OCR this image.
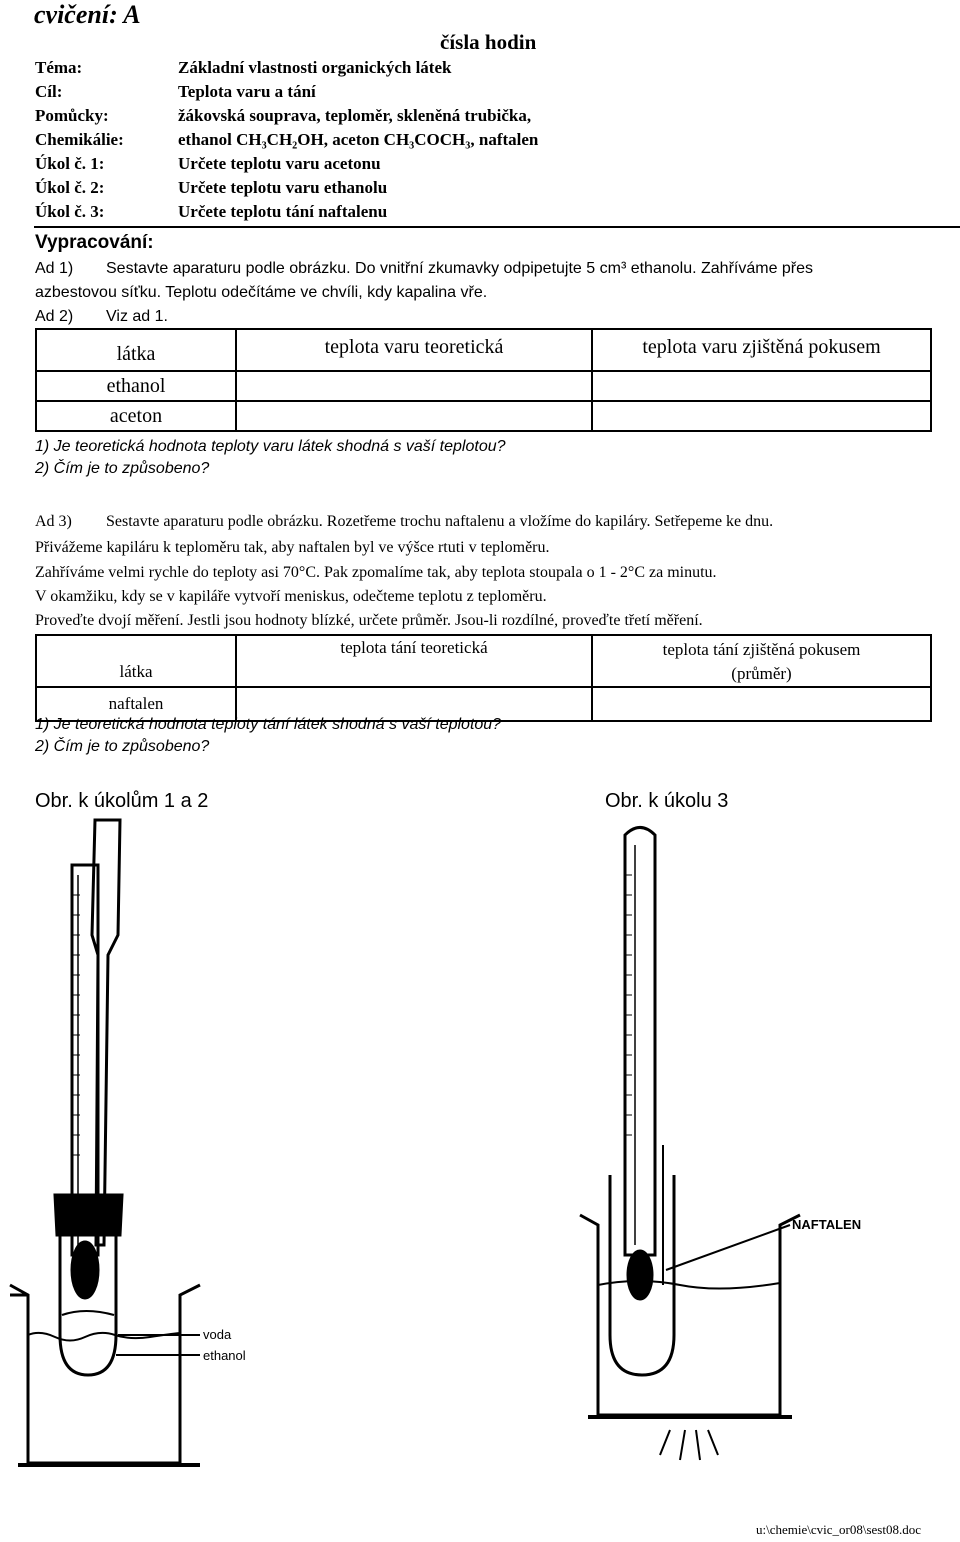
cvičení: A
čísla hodin
Téma:	Základní vlastnosti organických látek
Cíl:	Teplota varu a tání
Pomůcky:	žákovská souprava, teploměr, skleněná trubička,
Chemikálie:	ethanol CH₃CH₂OH, aceton CH₃COCH₃, naftalen
Úkol č. 1:	Určete teplotu varu acetonu
Úkol č. 2:	Určete teplotu varu ethanolu
Úkol č. 3:	Určete teplotu tání naftalenu
Vypracování:
Ad 1) Sestavte aparaturu podle obrázku. Do vnitřní zkumavky odpipetujte 5 cm³ ethanolu. Zahříváme přes
azbestovou síťku. Teplotu odečítáme ve chvíli, kdy kapalina vře.
Ad 2) Viz ad 1.
látka	teplota varu teoretická	teplota varu zjištěná pokusem
ethanol		
aceton		
1) Je teoretická hodnota teploty varu látek shodná s vaší teplotou?
2) Čím je to způsobeno?
Ad 3) Sestavte aparaturu podle obrázku. Rozetřeme trochu naftalenu a vložíme do kapiláry. Setřepeme ke dnu.
Přivážeme kapiláru k teploměru tak, aby naftalen byl ve výšce rtuti v teploměru.
Zahříváme velmi rychle do teploty asi 70°C. Pak zpomalíme tak, aby teplota stoupala o 1 - 2°C za minutu.
V okamžiku, kdy se v kapiláře vytvoří meniskus, odečteme teplotu z teploměru.
Proveďte dvojí měření. Jestli jsou hodnoty blízké, určete průměr. Jsou-li rozdílné, proveďte třetí měření.
látka	teplota tání teoretická	teplota tání zjištěná pokusem
(průměr)

naftalen		
1) Je teoretická hodnota teploty tání látek shodná s vaší teplotou?
2) Čím je to způsobeno?
Obr. k úkolům 1 a 2	Obr. k úkolu 3
voda
ethanol
NAFTALEN
u:\chemie\cvic_or08\sest08.doc
